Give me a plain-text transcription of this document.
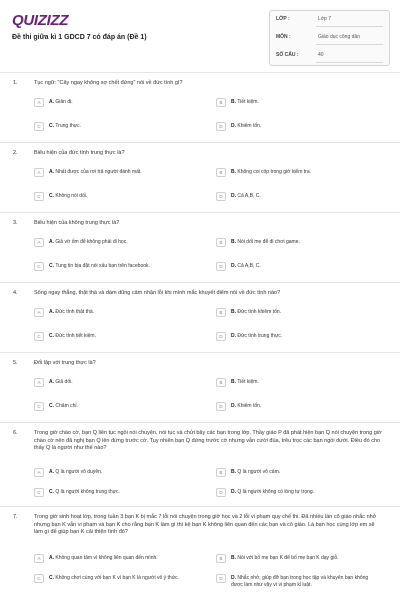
QUIZIZZ
Đề thi giữa kì 1 GDCD 7 có đáp án (Đề 1)
LỚP :	Lớp 7
MÔN :	Giáo dục công dân
SỐ CÂU :	40
1.	Tục ngữ: "Cây ngay không sợ chết đứng" nói về đức tính gì?
A	A. Giản dị.	B	B. Tiết kiệm.
C	C. Trung thực.	D	D. Khiêm tốn.
2.	Biểu hiện của đức tính trung thực là?
A	A. Nhất được của rơi trả người đánh mất.	B	B. Không coi cóp trong giờ kiểm tra.
C	C. Không nói dối.	D	D. Cả A,B, C.
3.	Biểu hiện của không trung thực là?
A	A. Giả vờ ốm để không phải đi học.	B	B. Nói dối mẹ để đi chơi game.
C	C. Tung tin bịa đặt nói xấu bạn trên facebook.	D	D. Cả A,B, C.
4.	Sống ngay thẳng, thật thà và dám dũng cảm nhận lỗi khi mình mắc khuyết điểm nói về đức tính nào?
A	A. Đức tính thật thà.	B	B. Đức tính khiêm tốn.
C	C. Đức tính tiết kiệm.	D	D. Đức tính trung thực.
5.	Đối lập với trung thực là?
A	A. Giả dối.	B	B. Tiết kiệm.
C	C. Chăm chỉ.	D	D. Khiêm tốn.
6.	Trong giờ chào cờ, bạn Q liên tục ngồi nói chuyện, nói tục và chửi bậy các bạn trong lớp. Thầy giáo P đã phát hiện bạn Q nói chuyện trong giờ chào cờ nên đã nghị bạn Q lên đứng trước cờ. Tuy nhiên bạn Q đứng trước cờ nhưng vẫn cười đùa, trêu trọc các bạn ngồi dưới. Điều đó cho thấy Q là người như thế nào?
A	A. Q là người vô duyên.	B	B. Q là người vô cảm.
C	C. Q là người không trung thực.	D	D. Q là người không có lòng tự trọng.
7.	Trong giờ sinh hoạt lớp, trong tuần 3 bạn K bị mắc 7 lỗi nói chuyện trong giờ học và 2 lỗi vi phạm quy chế thi. Đã nhiều lần cô giáo nhắc nhở nhưng bạn K vẫn vi phạm và bạn K cho rằng bạn K làm gì thì kệ bạn K không liên quan đến các bạn và cô giáo. Là bạn học cùng lớp em sẽ làm gì để giúp bạn K cải thiện tình đó?
A	A. Không quan tâm vì không liên quan đến mình.	B	B. Nói với bố mẹ bạn K để bố mẹ bạn K dạy giỗ.
C	C. Không chơi cùng với bạn K vì bạn K là người vô ý thức.	D	D. Nhắc nhở, giúp đỡ bạn trong học tập và khuyên bạn không được làm như vậy vì vi phạm kỉ luật.
